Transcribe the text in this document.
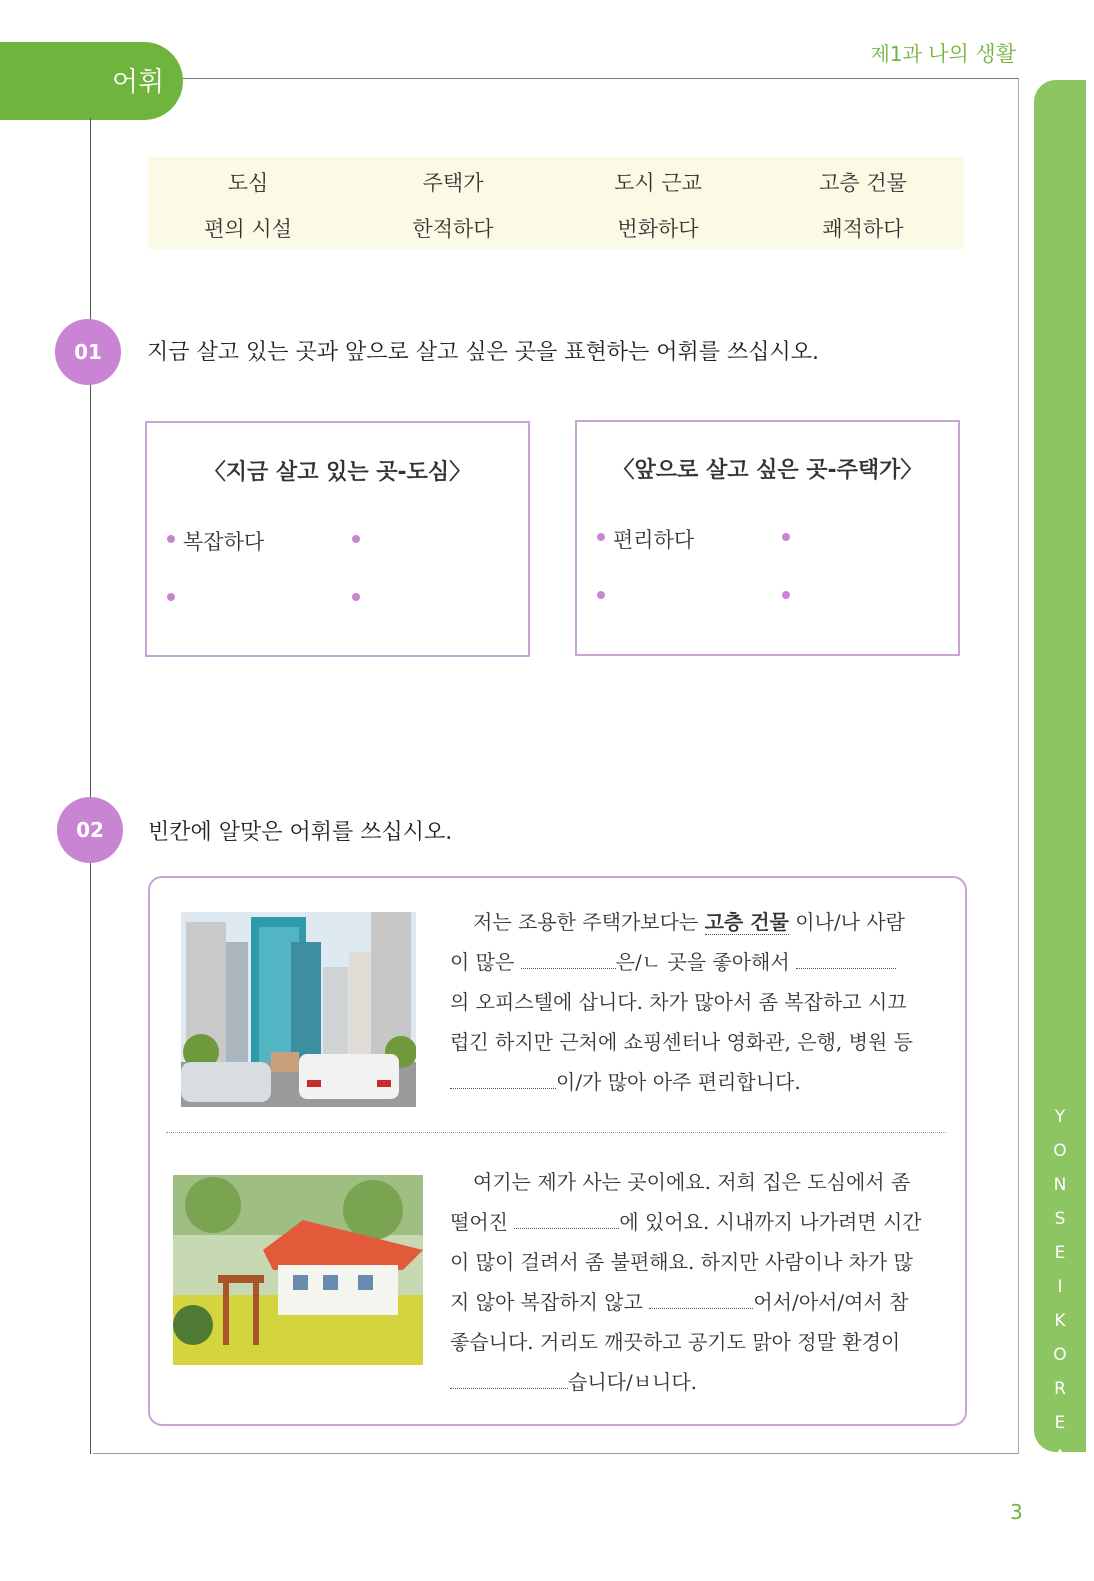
어휘
제1과 나의 생활
Y
O
N
S
E
I
K
O
R
E
A
N
4
도심	주택가	도시 근교	고층 건물
편의 시설	한적하다	번화하다	쾌적하다
01	지금 살고 있는 곳과 앞으로 살고 싶은 곳을 표현하는 어휘를 쓰십시오.
〈지금 살고 있는 곳-도심〉
복잡하다
〈앞으로 살고 싶은 곳-주택가〉
편리하다
02	빈칸에 알맞은 어휘를 쓰십시오.
저는 조용한 주택가보다는 고층 건물 이나/나 사람
이 많은	은/ㄴ 곳을 좋아해서
의 오피스텔에 삽니다. 차가 많아서 좀 복잡하고 시끄
럽긴 하지만 근처에 쇼핑센터나 영화관, 은행, 병원 등
이/가 많아 아주 편리합니다.
여기는 제가 사는 곳이에요. 저희 집은 도심에서 좀
떨어진	에 있어요. 시내까지 나가려면 시간
이 많이 걸려서 좀 불편해요. 하지만 사람이나 차가 많
지 않아 복잡하지 않고	어서/아서/여서 참
좋습니다. 거리도 깨끗하고 공기도 맑아 정말 환경이
습니다/ㅂ니다.
3
